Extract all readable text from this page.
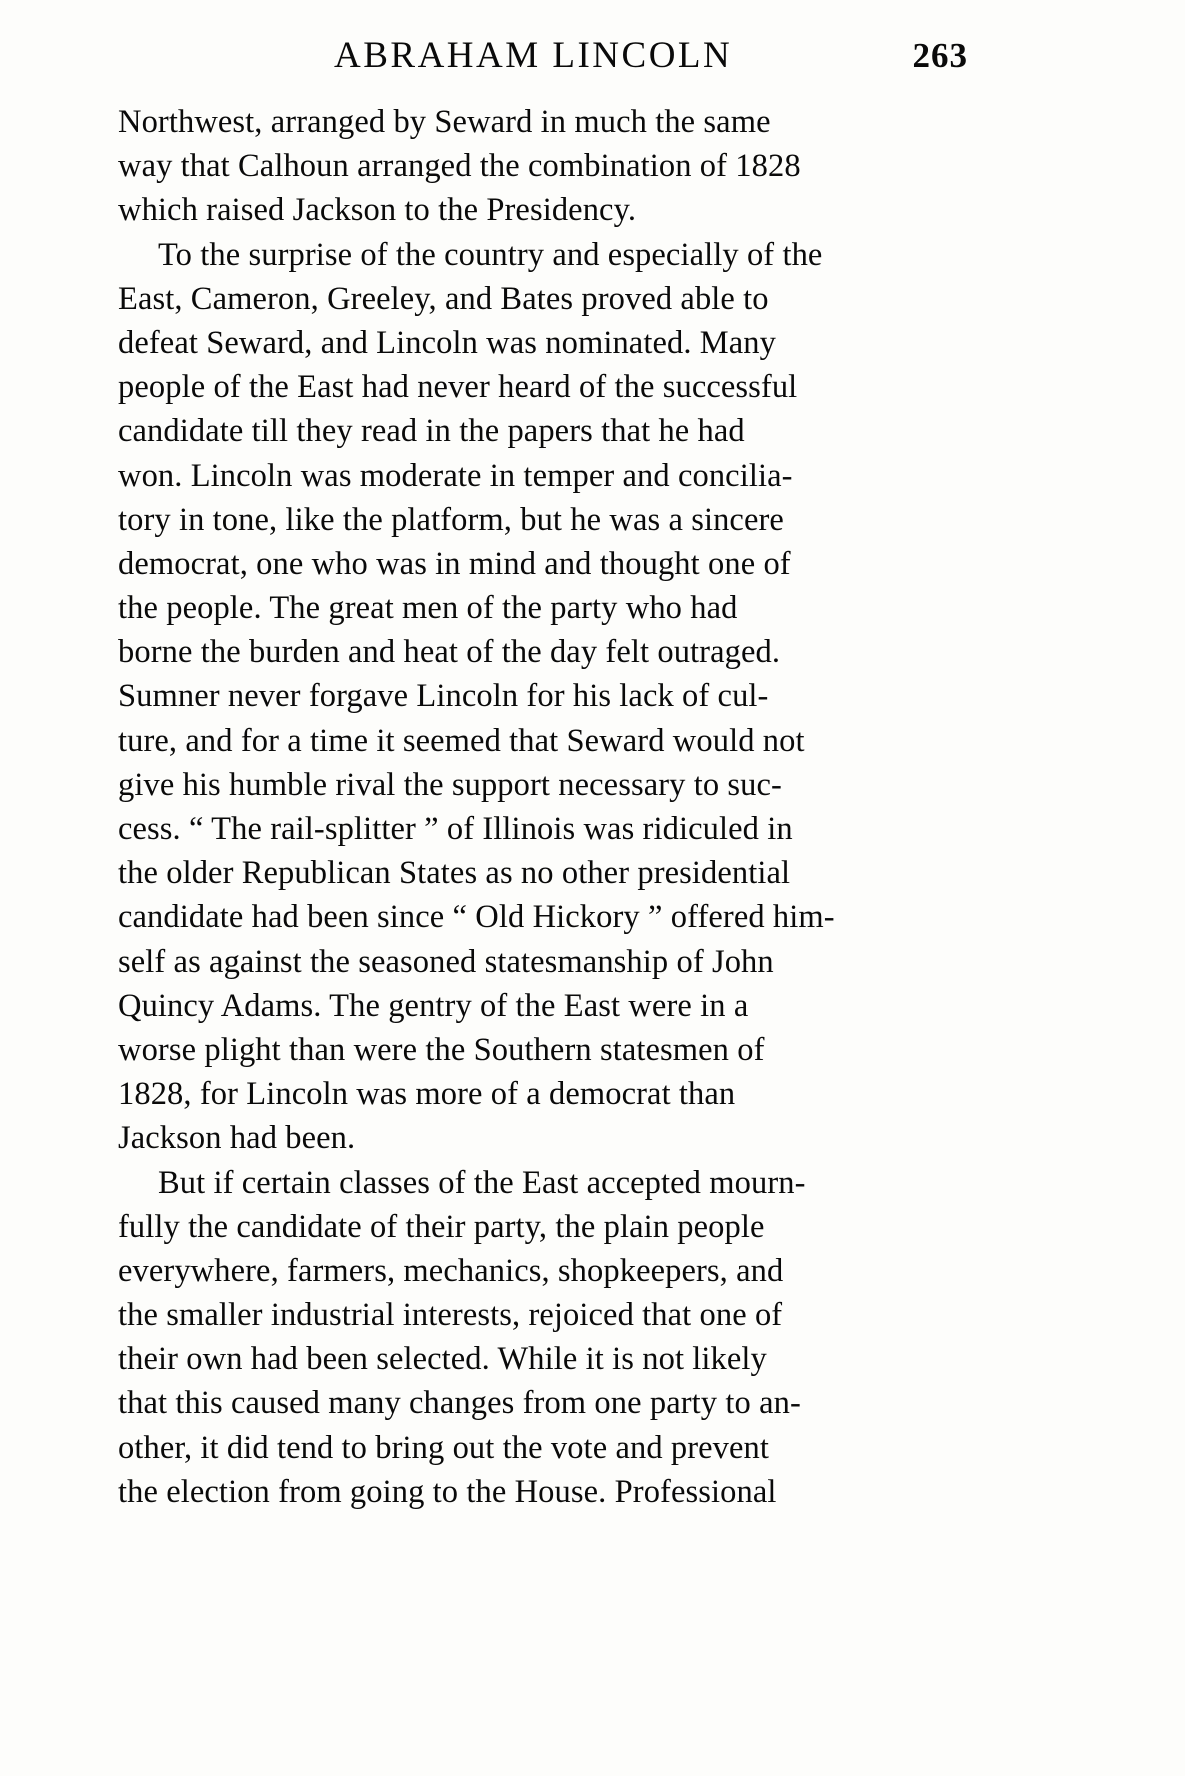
ABRAHAM LINCOLN	263
Northwest, arranged by Seward in much the same
way that Calhoun arranged the combination of 1828
which raised Jackson to the Presidency.
To the surprise of the country and especially of the
East, Cameron, Greeley, and Bates proved able to
defeat Seward, and Lincoln was nominated. Many
people of the East had never heard of the successful
candidate till they read in the papers that he had
won. Lincoln was moderate in temper and concilia-
tory in tone, like the platform, but he was a sincere
democrat, one who was in mind and thought one of
the people. The great men of the party who had
borne the burden and heat of the day felt outraged.
Sumner never forgave Lincoln for his lack of cul-
ture, and for a time it seemed that Seward would not
give his humble rival the support necessary to suc-
cess. “ The rail-splitter ” of Illinois was ridiculed in
the older Republican States as no other presidential
candidate had been since “ Old Hickory ” offered him-
self as against the seasoned statesmanship of John
Quincy Adams. The gentry of the East were in a
worse plight than were the Southern statesmen of
1828, for Lincoln was more of a democrat than
Jackson had been.
But if certain classes of the East accepted mourn-
fully the candidate of their party, the plain people
everywhere, farmers, mechanics, shopkeepers, and
the smaller industrial interests, rejoiced that one of
their own had been selected. While it is not likely
that this caused many changes from one party to an-
other, it did tend to bring out the vote and prevent
the election from going to the House. Professional
